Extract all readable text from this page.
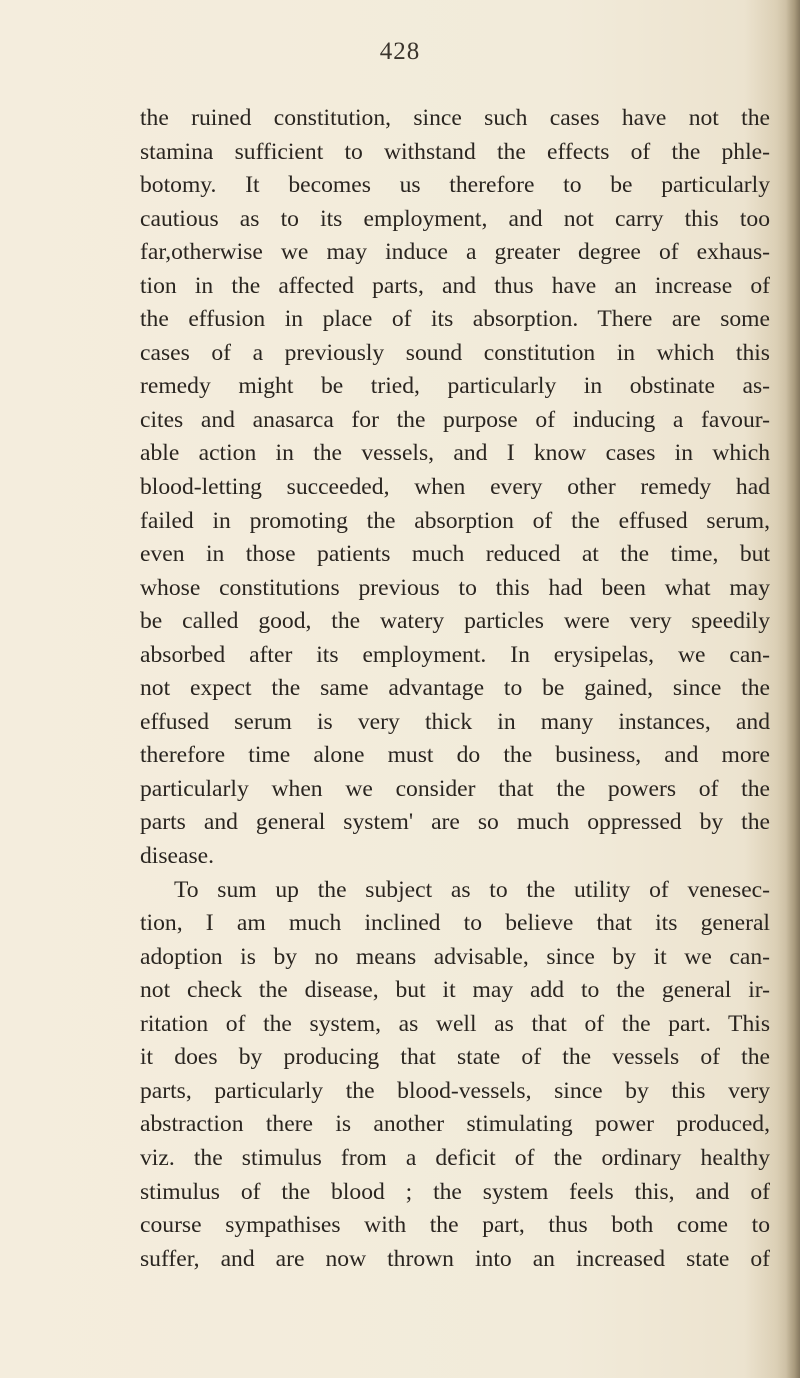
428
the ruined constitution, since such cases have not the
stamina sufficient to withstand the effects of the phle-
botomy. It becomes us therefore to be particularly
cautious as to its employment, and not carry this too
far,otherwise we may induce a greater degree of exhaus-
tion in the affected parts, and thus have an increase of
the effusion in place of its absorption. There are some
cases of a previously sound constitution in which this
remedy might be tried, particularly in obstinate as-
cites and anasarca for the purpose of inducing a favour-
able action in the vessels, and I know cases in which
blood-letting succeeded, when every other remedy had
failed in promoting the absorption of the effused serum,
even in those patients much reduced at the time, but
whose constitutions previous to this had been what may
be called good, the watery particles were very speedily
absorbed after its employment. In erysipelas, we can-
not expect the same advantage to be gained, since the
effused serum is very thick in many instances, and
therefore time alone must do the business, and more
particularly when we consider that the powers of the
parts and general system' are so much oppressed by the
disease.
To sum up the subject as to the utility of venesec-
tion, I am much inclined to believe that its general
adoption is by no means advisable, since by it we can-
not check the disease, but it may add to the general ir-
ritation of the system, as well as that of the part. This
it does by producing that state of the vessels of the
parts, particularly the blood-vessels, since by this very
abstraction there is another stimulating power produced,
viz. the stimulus from a deficit of the ordinary healthy
stimulus of the blood ; the system feels this, and of
course sympathises with the part, thus both come to
suffer, and are now thrown into an increased state of
